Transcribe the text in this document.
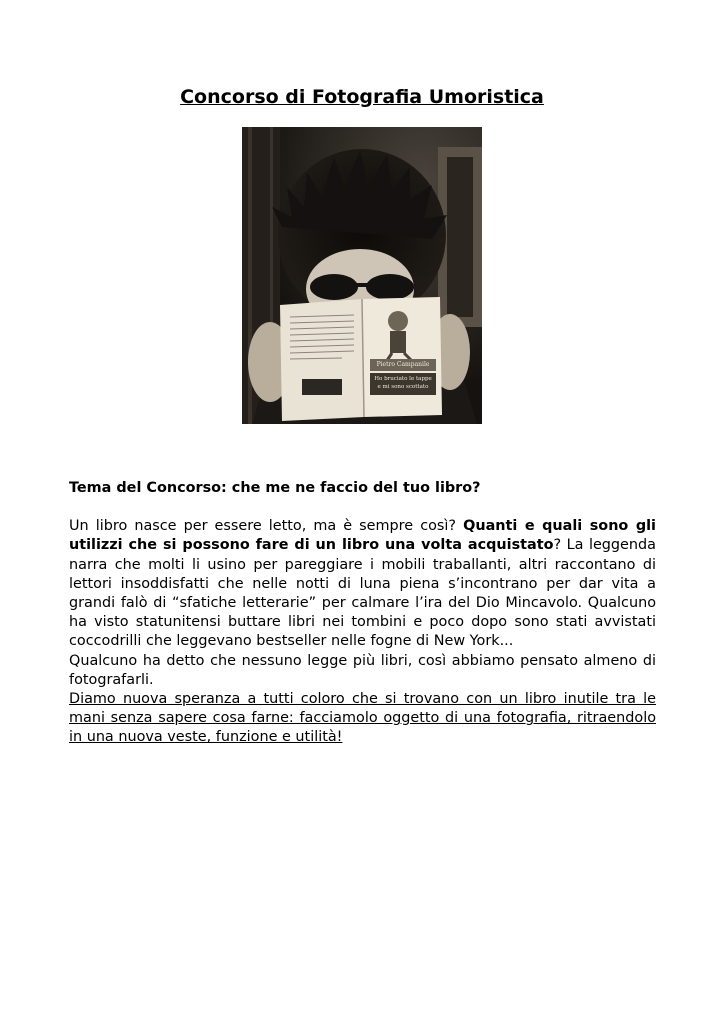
Concorso di Fotografia Umoristica
Pietro Campanile
Ho bruciato le tappe
e mi sono scottato

Tema del Concorso: che me ne faccio del tuo libro?

Un libro nasce per essere letto, ma è sempre così? Quanti e quali sono gli utilizzi che si possono fare di un libro una volta acquistato? La leggenda narra che molti li usino per pareggiare i mobili traballanti, altri raccontano di lettori insoddisfatti che nelle notti di luna piena s’incontrano per dar vita a grandi falò di “sfatiche letterarie” per calmare l’ira del Dio Mincavolo. Qualcuno ha visto statunitensi buttare libri nei tombini e poco dopo sono stati avvistati coccodrilli che leggevano bestseller nelle fogne di New York...

Qualcuno ha detto che nessuno legge più libri, così abbiamo pensato almeno di fotografarli.

Diamo nuova speranza a tutti coloro che si trovano con un libro inutile tra le mani senza sapere cosa farne: facciamolo oggetto di una fotografia, ritraendolo in una nuova veste, funzione e utilità!
